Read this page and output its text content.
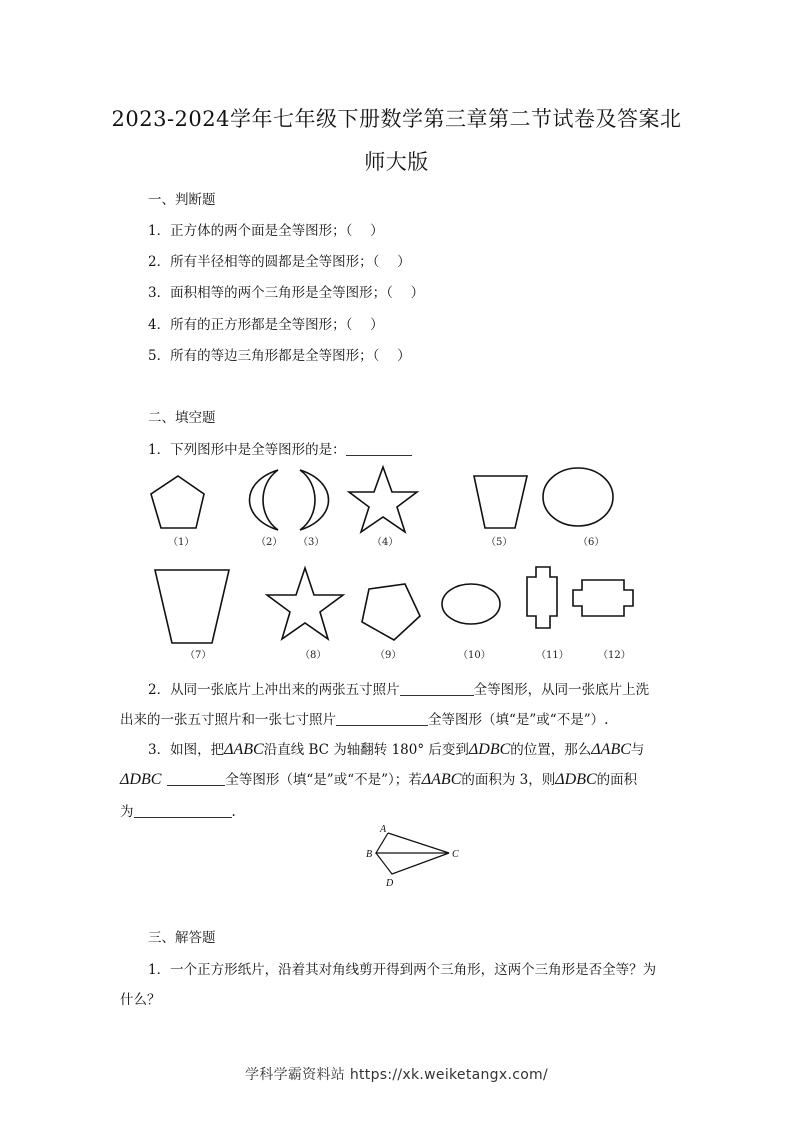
2023-2024学年七年级下册数学第三章第二节试卷及答案北
师大版
一、判断题
1．正方体的两个面是全等图形；（　 ）
2．所有半径相等的圆都是全等图形；（　 ）
3．面积相等的两个三角形是全等图形；（　 ）
4．所有的正方形都是全等图形；（　 ）
5．所有的等边三角形都是全等图形；（　 ）
二、填空题
1．下列图形中是全等图形的是：
（1）	（2） （3）	（4）	（5）	（6）
（7）	（8）	（9）	（10）	（11）	（12）
A
B	C
D
2．从同一张底片上冲出来的两张五寸照片	全等图形，从同一张底片上洗
出来的一张五寸照片和一张七寸照片	全等图形（填“是”或“不是”）.
3．如图，把ΔABC沿直线 BC 为轴翻转 180° 后变到ΔDBC的位置，那么ΔABC与
ΔDBC	全等图形（填“是”或“不是”）；若ΔABC的面积为 3，则ΔDBC的面积
为	.
三、解答题
1．一个正方形纸片，沿着其对角线剪开得到两个三角形，这两个三角形是否全等？为
什么？
学科学霸资料站 https://xk.weiketangx.com/
